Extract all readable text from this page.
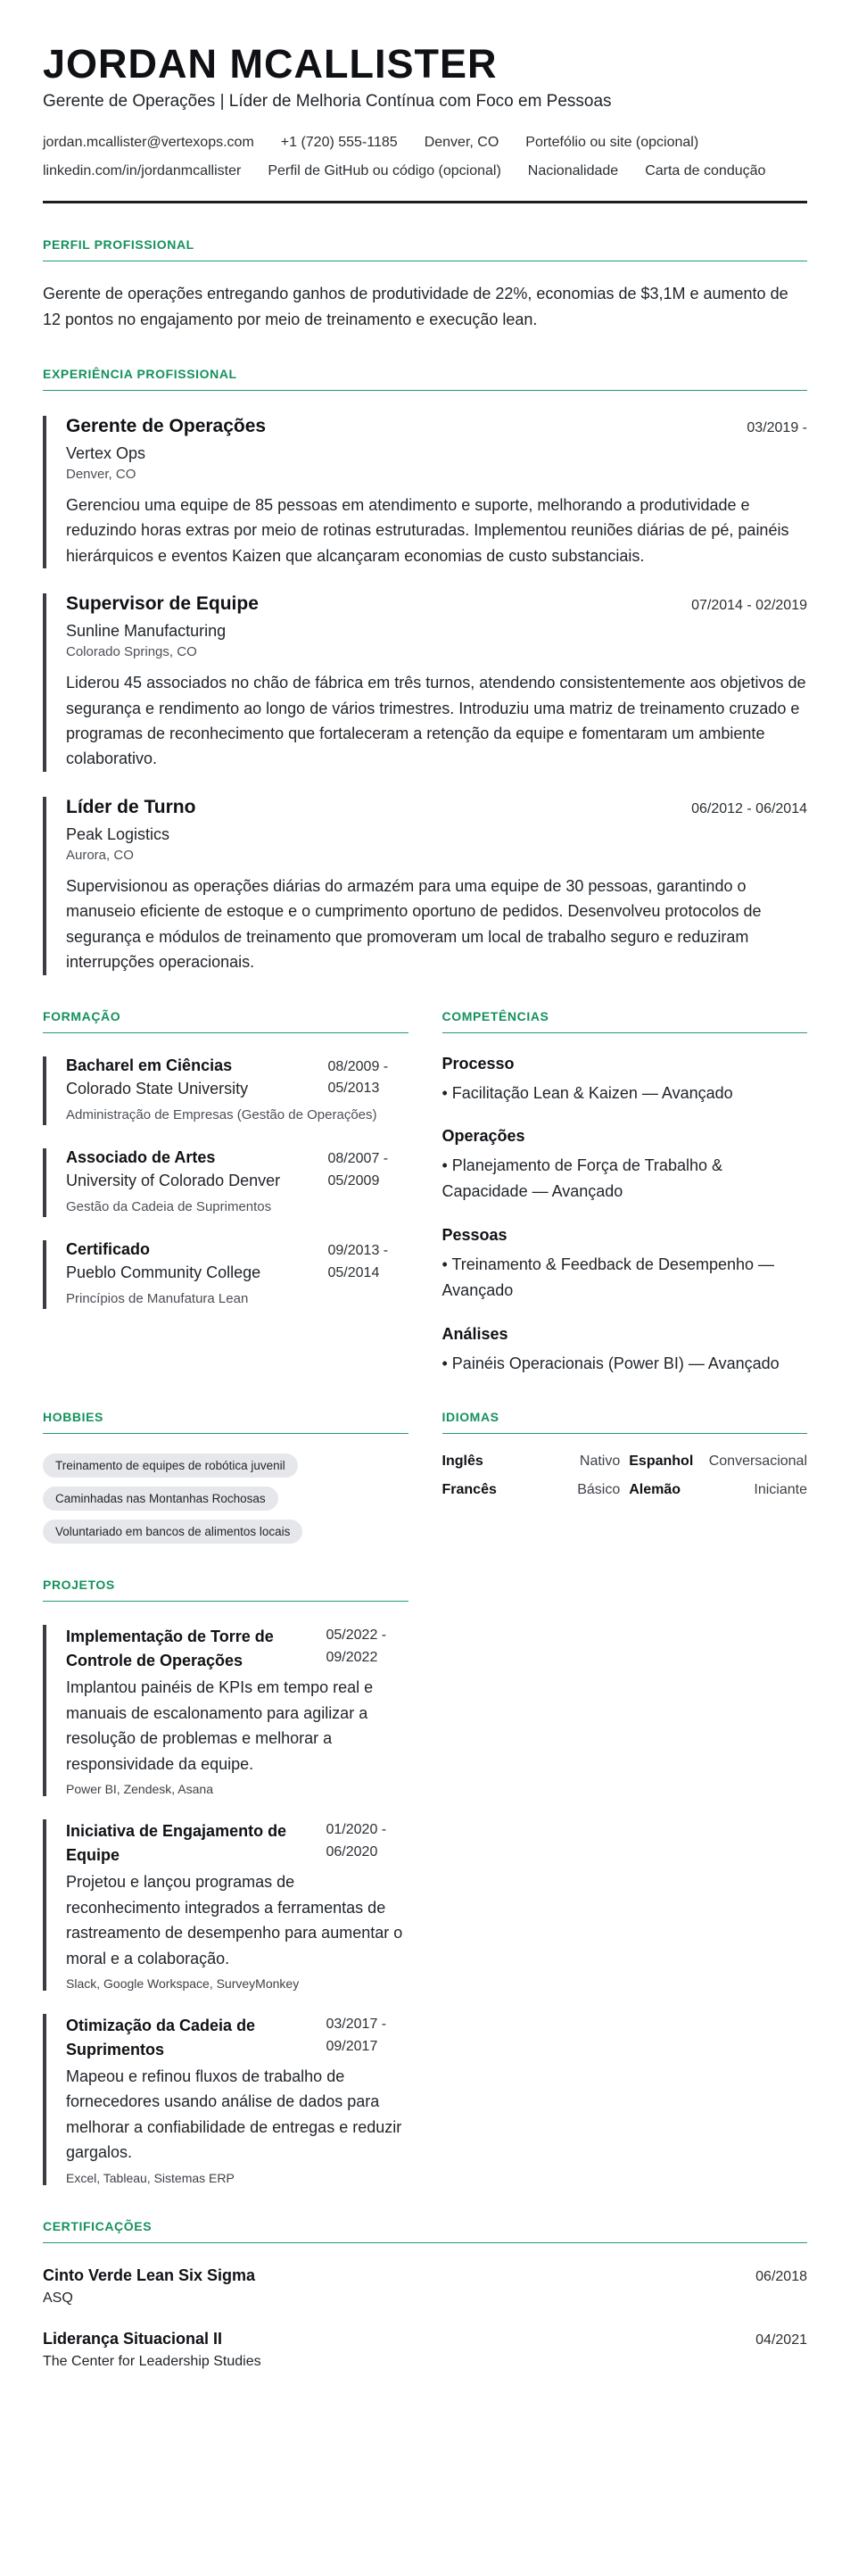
JORDAN MCALLISTER
Gerente de Operações | Líder de Melhoria Contínua com Foco em Pessoas
jordan.mcallister@vertexops.com +1 (720) 555-1185 Denver, CO Portefólio ou site (opcional)
linkedin.com/in/jordanmcallister Perfil de GitHub ou código (opcional) Nacionalidade Carta de condução
PERFIL PROFISSIONAL

Gerente de operações entregando ganhos de produtividade de 22%, economias de $3,1M e aumento de 12 pontos no engajamento por meio de treinamento e execução lean.

EXPERIÊNCIA PROFISSIONAL
Gerente de Operações	03/2019 -
Vertex Ops
Denver, CO

Gerenciou uma equipe de 85 pessoas em atendimento e suporte, melhorando a produtividade e reduzindo horas extras por meio de rotinas estruturadas. Implementou reuniões diárias de pé, painéis hierárquicos e eventos Kaizen que alcançaram economias de custo substanciais.

Supervisor de Equipe	07/2014 - 02/2019
Sunline Manufacturing
Colorado Springs, CO

Liderou 45 associados no chão de fábrica em três turnos, atendendo consistentemente aos objetivos de segurança e rendimento ao longo de vários trimestres. Introduziu uma matriz de treinamento cruzado e programas de reconhecimento que fortaleceram a retenção da equipe e fomentaram um ambiente colaborativo.

Líder de Turno	06/2012 - 06/2014
Peak Logistics
Aurora, CO

Supervisionou as operações diárias do armazém para uma equipe de 30 pessoas, garantindo o manuseio eficiente de estoque e o cumprimento oportuno de pedidos. Desenvolveu protocolos de segurança e módulos de treinamento que promoveram um local de trabalho seguro e reduziram interrupções operacionais.

FORMAÇÃO
Bacharel em Ciências
Colorado State University
08/2009 - 05/2013
Administração de Empresas (Gestão de Operações)
Associado de Artes
University of Colorado Denver
08/2007 - 05/2009
Gestão da Cadeia de Suprimentos
Certificado
Pueblo Community College
09/2013 - 05/2014
Princípios de Manufatura Lean
COMPETÊNCIAS
Processo
• Facilitação Lean & Kaizen — Avançado
Operações
• Planejamento de Força de Trabalho & Capacidade — Avançado
Pessoas
• Treinamento & Feedback de Desempenho — Avançado
Análises
• Painéis Operacionais (Power BI) — Avançado
HOBBIES
Treinamento de equipes de robótica juvenil
Caminhadas nas Montanhas Rochosas
Voluntariado em bancos de alimentos locais
IDIOMAS
Inglês	Nativo Espanhol Conversacional
Francês	Básico Alemão	Iniciante
PROJETOS
Implementação de Torre de Controle de Operações
05/2022 - 09/2022

Implantou painéis de KPIs em tempo real e manuais de escalonamento para agilizar a resolução de problemas e melhorar a responsividade da equipe.

Power BI, Zendesk, Asana
Iniciativa de Engajamento de Equipe
01/2020 - 06/2020

Projetou e lançou programas de reconhecimento integrados a ferramentas de rastreamento de desempenho para aumentar o moral e a colaboração.

Slack, Google Workspace, SurveyMonkey
Otimização da Cadeia de Suprimentos
03/2017 - 09/2017

Mapeou e refinou fluxos de trabalho de fornecedores usando análise de dados para melhorar a confiabilidade de entregas e reduzir gargalos.

Excel, Tableau, Sistemas ERP
CERTIFICAÇÕES
Cinto Verde Lean Six Sigma	06/2018
ASQ
Liderança Situacional II	04/2021
The Center for Leadership Studies
